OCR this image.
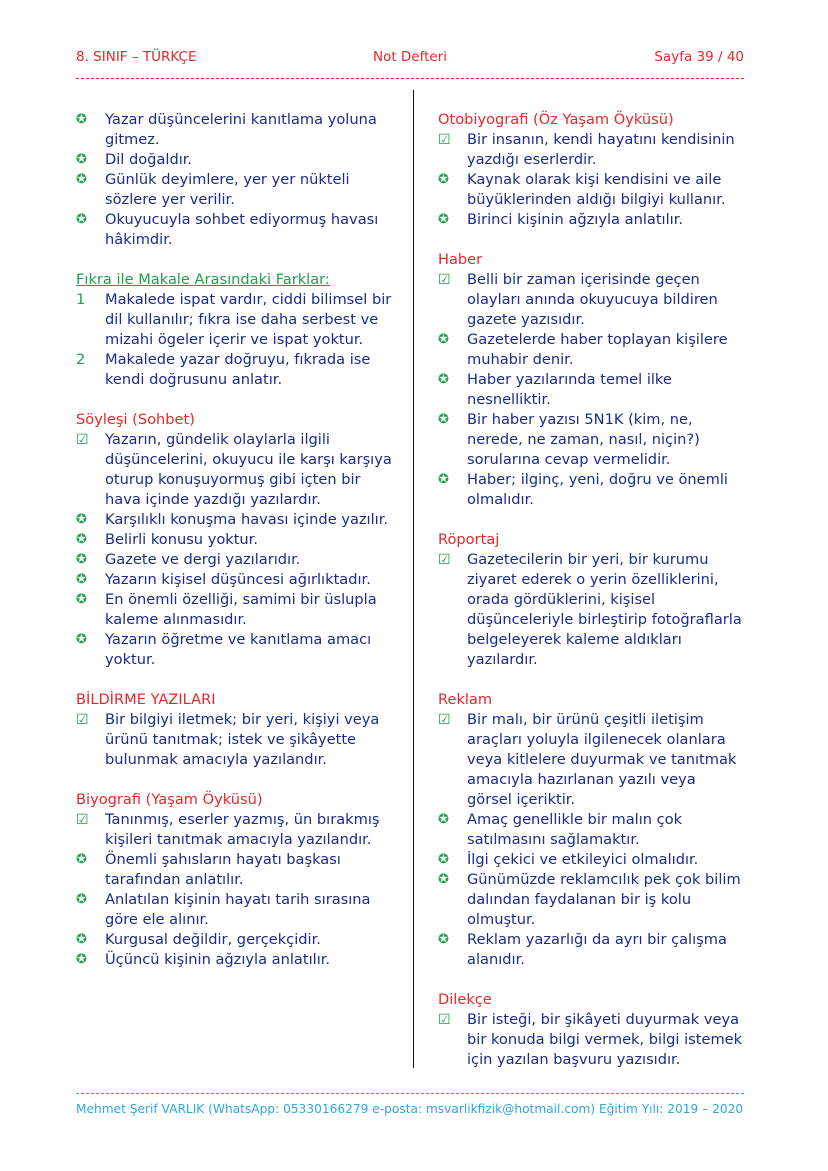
8. SINIF – TÜRKÇE	Not Defteri	Sayfa 39 / 40
✪	Yazar düşüncelerini kanıtlama yoluna gitmez.
✪	Dil doğaldır.
✪	Günlük deyimlere, yer yer nükteli sözlere yer verilir.
✪	Okuyucuyla sohbet ediyormuş havası hâkimdir.
Fıkra ile Makale Arasındaki Farklar:
1	Makalede ispat vardır, ciddi bilimsel bir dil kullanılır; fıkra ise daha serbest ve mizahi ögeler içerir ve ispat yoktur.
2	Makalede yazar doğruyu, fıkrada ise kendi doğrusunu anlatır.
Söyleşi (Sohbet)
☑	Yazarın, gündelik olaylarla ilgili düşüncelerini, okuyucu ile karşı karşıya oturup konuşuyormuş gibi içten bir hava içinde yazdığı yazılardır.
✪	Karşılıklı konuşma havası içinde yazılır.
✪	Belirli konusu yoktur.
✪	Gazete ve dergi yazılarıdır.
✪	Yazarın kişisel düşüncesi ağırlıktadır.
✪	En önemli özelliği, samimi bir üslupla kaleme alınmasıdır.
✪	Yazarın öğretme ve kanıtlama amacı yoktur.
BİLDİRME YAZILARI
☑	Bir bilgiyi iletmek; bir yeri, kişiyi veya ürünü tanıtmak; istek ve şikâyette bulunmak amacıyla yazılandır.
Biyografi (Yaşam Öyküsü)
☑	Tanınmış, eserler yazmış, ün bırakmış kişileri tanıtmak amacıyla yazılandır.
✪	Önemli şahısların hayatı başkası tarafından anlatılır.
✪	Anlatılan kişinin hayatı tarih sırasına göre ele alınır.
✪	Kurgusal değildir, gerçekçidir.
✪	Üçüncü kişinin ağzıyla anlatılır.
Otobiyografi (Öz Yaşam Öyküsü)
☑	Bir insanın, kendi hayatını kendisinin yazdığı eserlerdir.
✪	Kaynak olarak kişi kendisini ve aile büyüklerinden aldığı bilgiyi kullanır.
✪	Birinci kişinin ağzıyla anlatılır.
Haber
☑	Belli bir zaman içerisinde geçen olayları anında okuyucuya bildiren gazete yazısıdır.
✪	Gazetelerde haber toplayan kişilere muhabir denir.
✪	Haber yazılarında temel ilke nesnelliktir.
✪	Bir haber yazısı 5N1K (kim, ne, nerede, ne zaman, nasıl, niçin?) sorularına cevap vermelidir.
✪	Haber; ilginç, yeni, doğru ve önemli olmalıdır.
Röportaj
☑	Gazetecilerin bir yeri, bir kurumu ziyaret ederek o yerin özelliklerini, orada gördüklerini, kişisel düşünceleriyle birleştirip fotoğraflarla belgeleyerek kaleme aldıkları yazılardır.
Reklam
☑	Bir malı, bir ürünü çeşitli iletişim araçları yoluyla ilgilenecek olanlara veya kitlelere duyurmak ve tanıtmak amacıyla hazırlanan yazılı veya görsel içeriktir.
✪	Amaç genellikle bir malın çok satılmasını sağlamaktır.
✪	İlgi çekici ve etkileyici olmalıdır.
✪	Günümüzde reklamcılık pek çok bilim dalından faydalanan bir iş kolu olmuştur.
✪	Reklam yazarlığı da ayrı bir çalışma alanıdır.
Dilekçe
☑	Bir isteği, bir şikâyeti duyurmak veya bir konuda bilgi vermek, bilgi istemek için yazılan başvuru yazısıdır.
Mehmet Şerif VARLIK (WhatsApp: 05330166279 e-posta: msvarlikfizik@hotmail.com) Eğitim Yılı: 2019 – 2020
